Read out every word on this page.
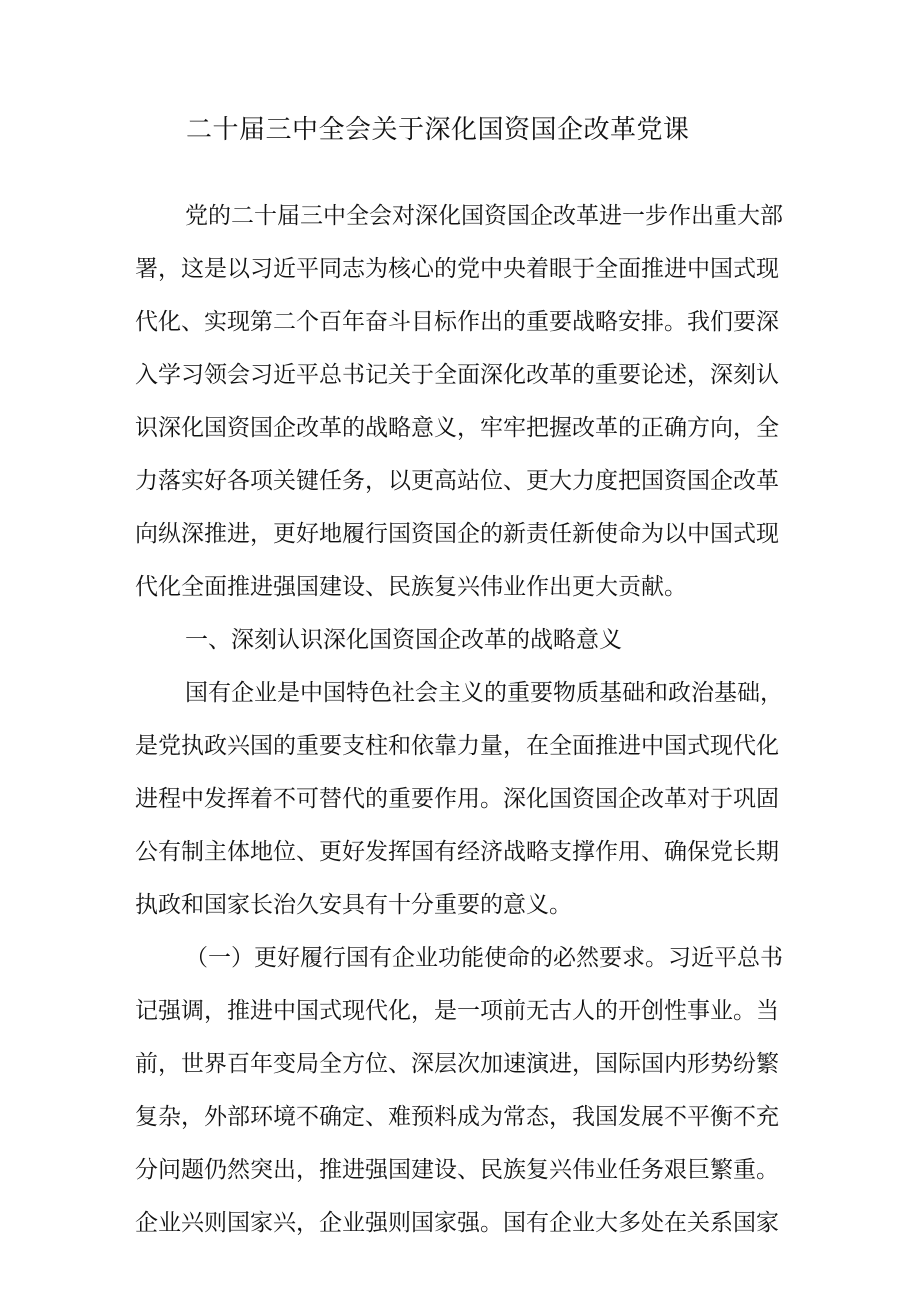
二十届三中全会关于深化国资国企改革党课
党的二十届三中全会对深化国资国企改革进一步作出重大部
署，这是以习近平同志为核心的党中央着眼于全面推进中国式现
代化、实现第二个百年奋斗目标作出的重要战略安排。我们要深
入学习领会习近平总书记关于全面深化改革的重要论述，深刻认
识深化国资国企改革的战略意义，牢牢把握改革的正确方向，全
力落实好各项关键任务，以更高站位、更大力度把国资国企改革
向纵深推进，更好地履行国资国企的新责任新使命为以中国式现
代化全面推进强国建设、民族复兴伟业作出更大贡献。
一、深刻认识深化国资国企改革的战略意义
国有企业是中国特色社会主义的重要物质基础和政治基础，
是党执政兴国的重要支柱和依靠力量，在全面推进中国式现代化
进程中发挥着不可替代的重要作用。深化国资国企改革对于巩固
公有制主体地位、更好发挥国有经济战略支撑作用、确保党长期
执政和国家长治久安具有十分重要的意义。
（一）更好履行国有企业功能使命的必然要求。习近平总书
记强调，推进中国式现代化，是一项前无古人的开创性事业。当
前，世界百年变局全方位、深层次加速演进，国际国内形势纷繁
复杂，外部环境不确定、难预料成为常态，我国发展不平衡不充
分问题仍然突出，推进强国建设、民族复兴伟业任务艰巨繁重。
企业兴则国家兴，企业强则国家强。国有企业大多处在关系国家
